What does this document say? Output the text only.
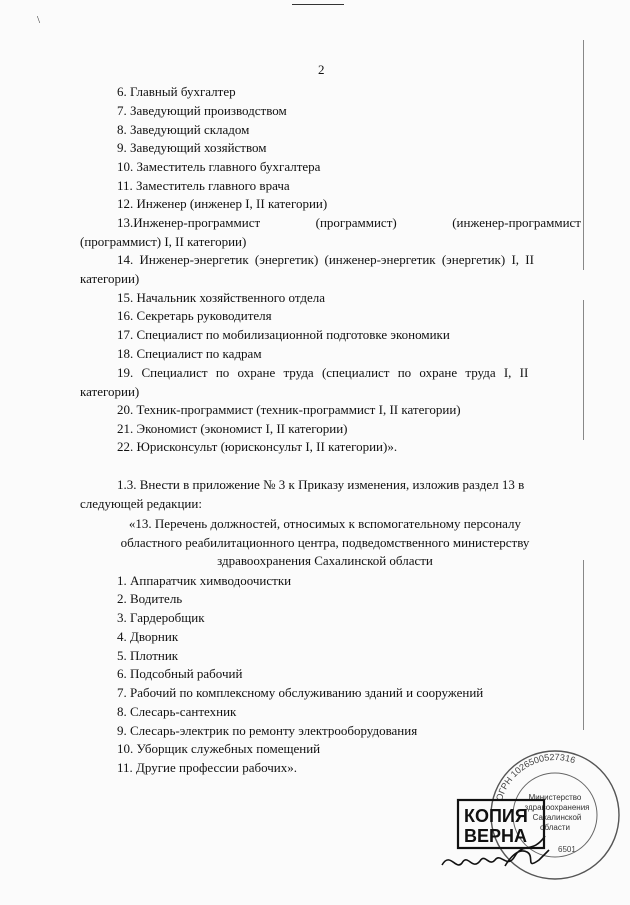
\
2
6. Главный бухгалтер
7. Заведующий производством
8. Заведующий складом
9. Заведующий хозяйством
10. Заместитель главного бухгалтера
11. Заместитель главного врача
12. Инженер (инженер I, II категории)
13.Инженер-программист	(программист)	(инженер-программист
(программист) I, II категории)
14. Инженер-энергетик (энергетик) (инженер-энергетик (энергетик) I, II
категории)
15. Начальник хозяйственного отдела
16. Секретарь руководителя
17. Специалист по мобилизационной подготовке экономики
18. Специалист по кадрам
19. Специалист по охране труда (специалист по охране труда I, II
категории)
20. Техник-программист (техник-программист I, II категории)
21. Экономист (экономист I, II категории)
22. Юрисконсульт (юрисконсульт I, II категории)».
1.3. Внести в приложение № 3 к Приказу изменения, изложив раздел 13 в
следующей редакции:
«13. Перечень должностей, относимых к вспомогательному персоналу
областного реабилитационного центра, подведомственного министерству
здравоохранения Сахалинской области
1. Аппаратчик химводоочистки
2. Водитель
3. Гардеробщик
4. Дворник
5. Плотник
6. Подсобный рабочий
7. Рабочий по комплексному обслуживанию зданий и сооружений
8. Слесарь-сантехник
9. Слесарь-электрик по ремонту электрооборудования
10. Уборщик служебных помещений
11. Другие профессии рабочих».
ОГРН 1026500527316
Министерство
здравоохранения
Сахалинской
области
6501
КОПИЯ
ВЕРНА
